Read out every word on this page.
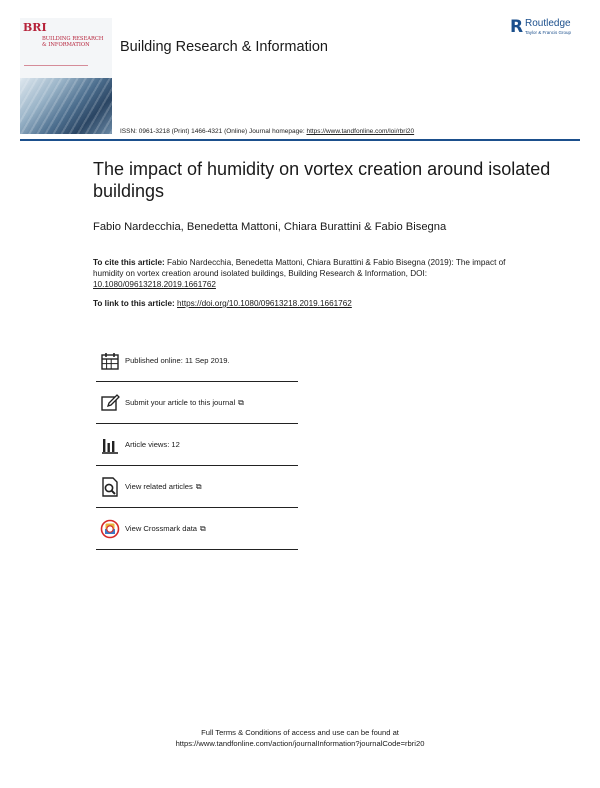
BRI
BUILDING RESEARCH & INFORMATION	Building Research & Information
R Routledge
Taylor & Francis Group
ISSN: 0961-3218 (Print) 1466-4321 (Online) Journal homepage: https://www.tandfonline.com/loi/rbri20
The impact of humidity on vortex creation around isolated buildings
Fabio Nardecchia, Benedetta Mattoni, Chiara Burattini & Fabio Bisegna
To cite this article: Fabio Nardecchia, Benedetta Mattoni, Chiara Burattini & Fabio Bisegna (2019): The impact of humidity on vortex creation around isolated buildings, Building Research & Information, DOI: 10.1080/09613218.2019.1661762
To link to this article: https://doi.org/10.1080/09613218.2019.1661762
Published online: 11 Sep 2019.
Submit your article to this journal ⧉
Article views: 12
View related articles ⧉
View Crossmark data ⧉
Full Terms & Conditions of access and use can be found at
https://www.tandfonline.com/action/journalInformation?journalCode=rbri20
